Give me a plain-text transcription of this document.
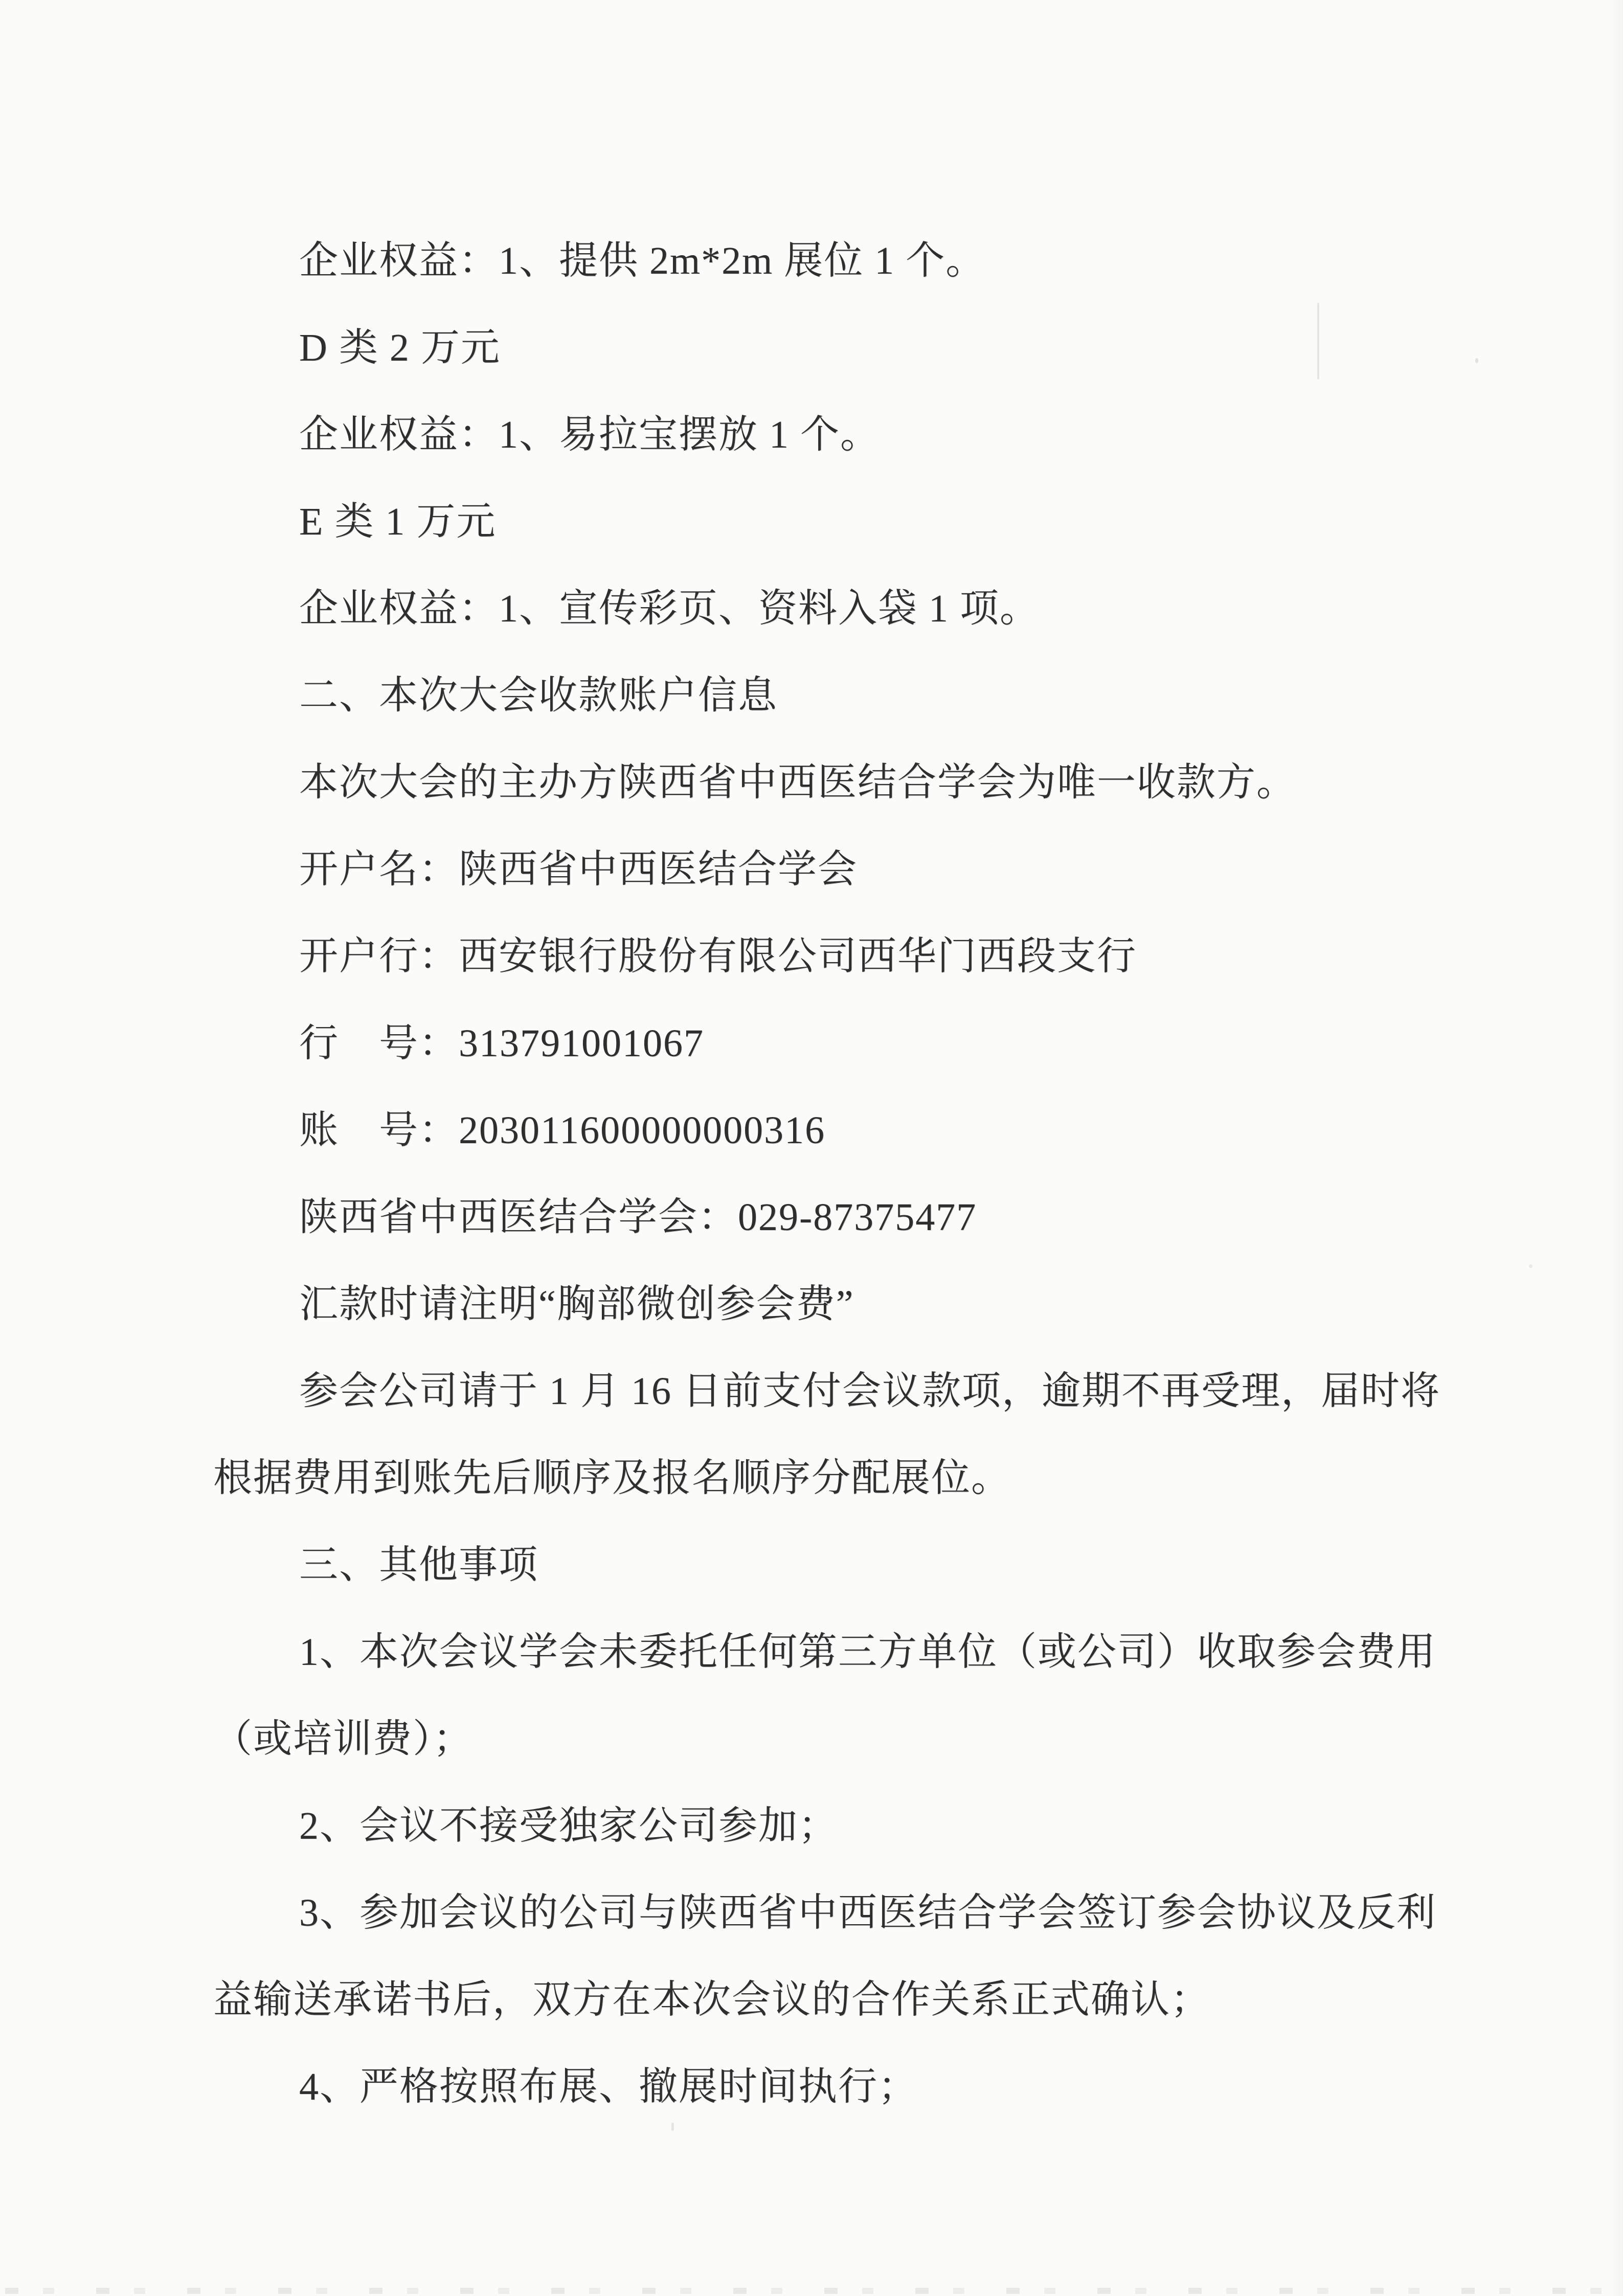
企业权益：1、提供 2m*2m 展位 1 个。

D 类 2 万元

企业权益：1、易拉宝摆放 1 个。

E 类 1 万元

企业权益：1、宣传彩页、资料入袋 1 项。

二、本次大会收款账户信息

本次大会的主办方陕西省中西医结合学会为唯一收款方。

开户名：陕西省中西医结合学会

开户行：西安银行股份有限公司西华门西段支行

行　号：313791001067

账　号：203011600000000316

陕西省中西医结合学会：029-87375477

汇款时请注明“胸部微创参会费”

参会公司请于 1 月 16 日前支付会议款项，逾期不再受理，届时将

根据费用到账先后顺序及报名顺序分配展位。

三、其他事项

1、本次会议学会未委托任何第三方单位（或公司）收取参会费用

（或培训费）；

2、会议不接受独家公司参加；

3、参加会议的公司与陕西省中西医结合学会签订参会协议及反利

益输送承诺书后，双方在本次会议的合作关系正式确认；

4、严格按照布展、撤展时间执行；
